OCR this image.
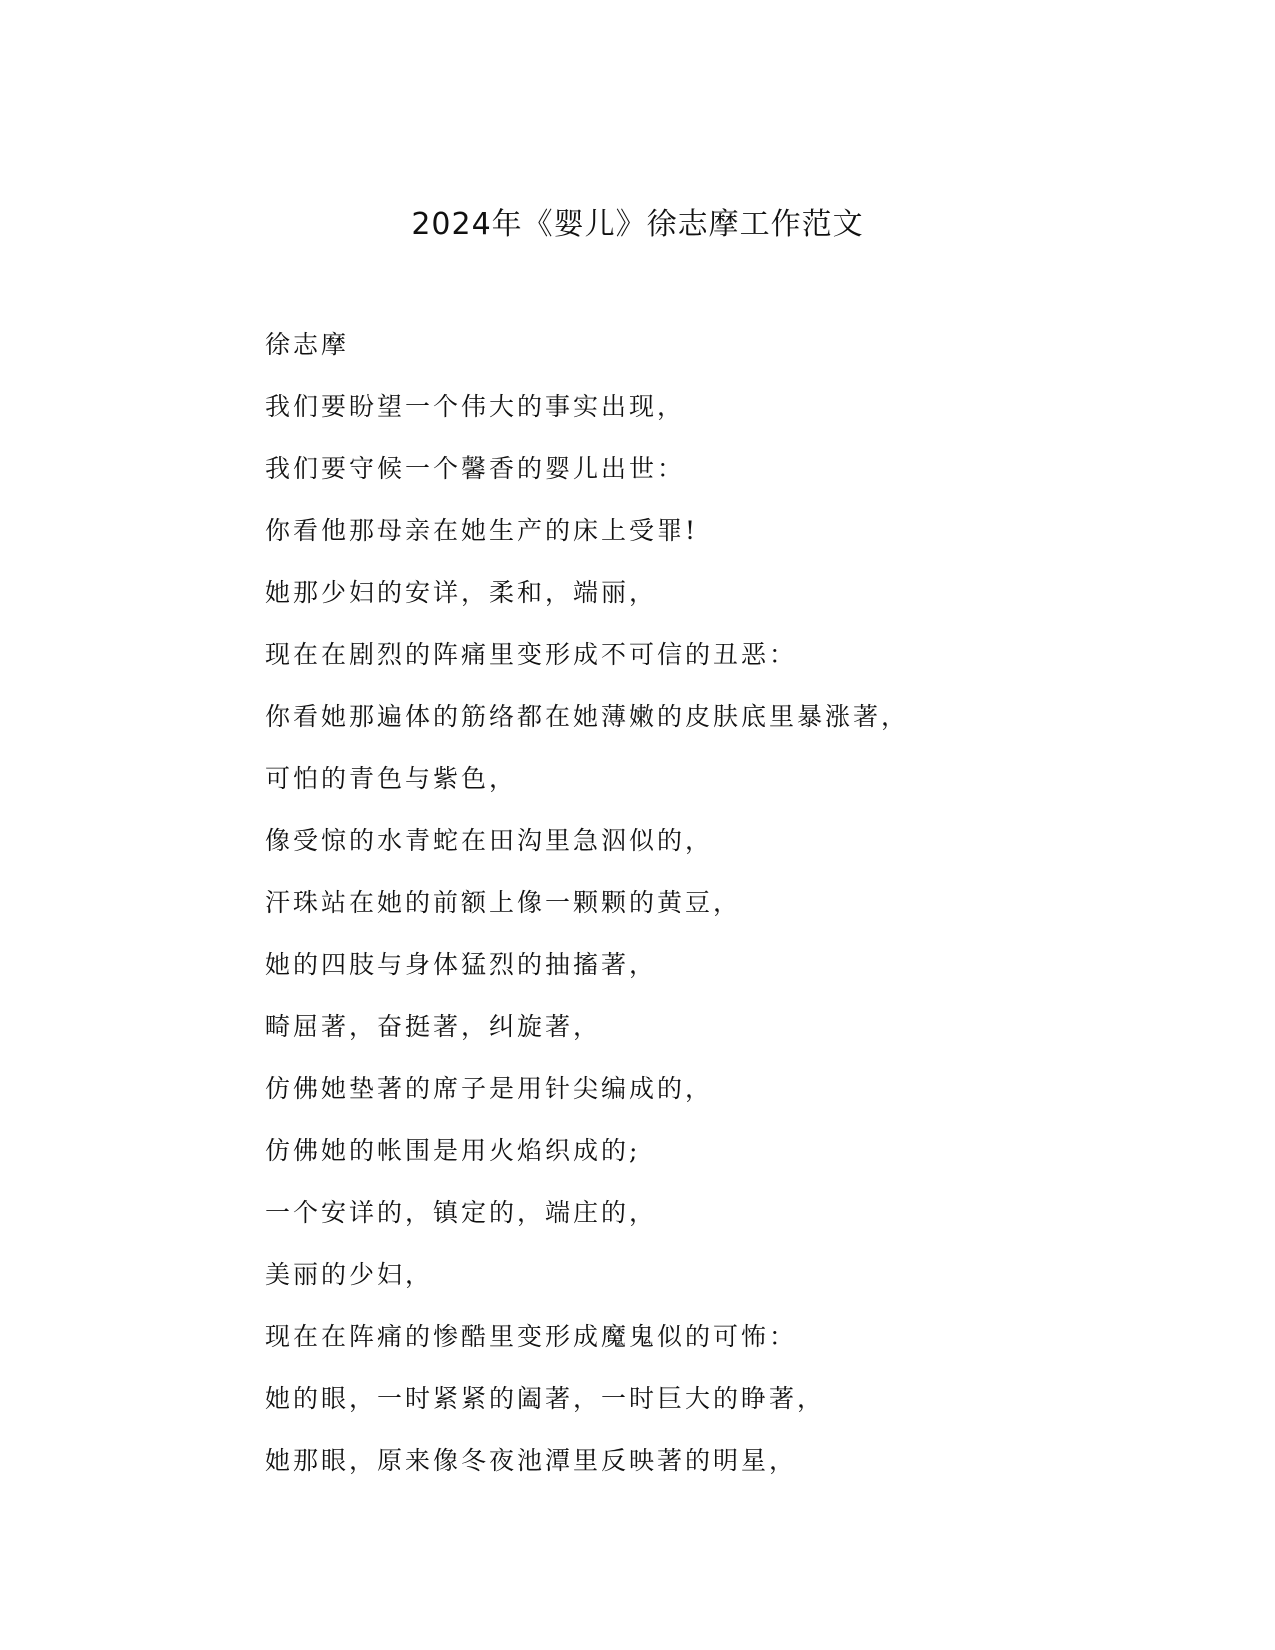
2024年《婴儿》徐志摩工作范文

徐志摩

我们要盼望一个伟大的事实出现，

我们要守候一个馨香的婴儿出世：

你看他那母亲在她生产的床上受罪!

她那少妇的安详，柔和，端丽，

现在在剧烈的阵痛里变形成不可信的丑恶：

你看她那遍体的筋络都在她薄嫩的皮肤底里暴涨著，

可怕的青色与紫色，

像受惊的水青蛇在田沟里急泅似的，

汗珠站在她的前额上像一颗颗的黄豆，

她的四肢与身体猛烈的抽搐著，

畸屈著，奋挺著，纠旋著，

仿佛她垫著的席子是用针尖编成的，

仿佛她的帐围是用火焰织成的;

一个安详的，镇定的，端庄的，

美丽的少妇，

现在在阵痛的惨酷里变形成魔鬼似的可怖：

她的眼，一时紧紧的阖著，一时巨大的睁著，

她那眼，原来像冬夜池潭里反映著的明星，
